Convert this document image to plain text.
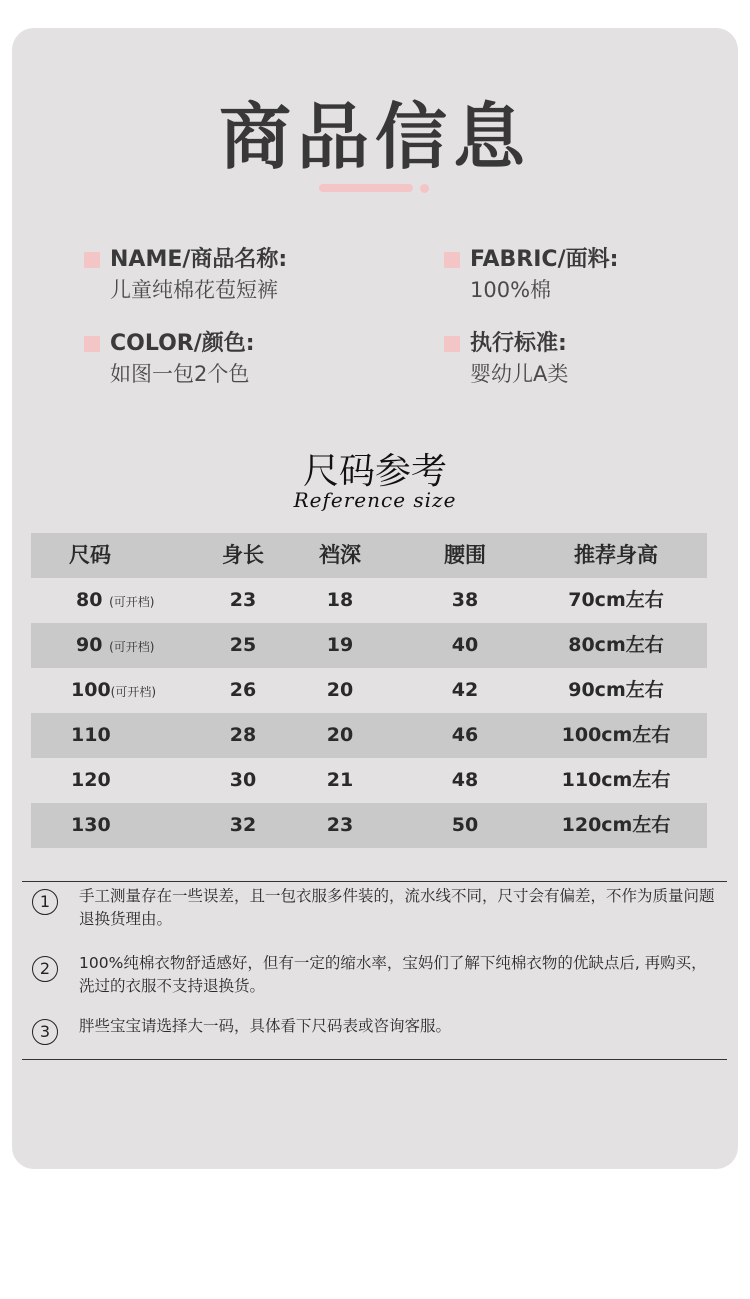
商品信息
NAME/商品名称:
儿童纯棉花苞短裤
FABRIC/面料:
100%棉
COLOR/颜色:
如图一包2个色
执行标准:
婴幼儿A类
尺码参考
Reference size
尺码	身长	裆深	腰围	推荐身高
80 (可开档)	23	18	38	70cm左右
90 (可开档)	25	19	40	80cm左右
100(可开档)	26	20	42	90cm左右
110	28	20	46	100cm左右
120	30	21	48	110cm左右
130	32	23	50	120cm左右
1	手工测量存在一些误差，且一包衣服多件装的，流水线不同，尺寸会有偏差，不作为质量问题退换货理由。
2	100%纯棉衣物舒适感好，但有一定的缩水率，宝妈们了解下纯棉衣物的优缺点后, 再购买，洗过的衣服不支持退换货。
3	胖些宝宝请选择大一码，具体看下尺码表或咨询客服。
